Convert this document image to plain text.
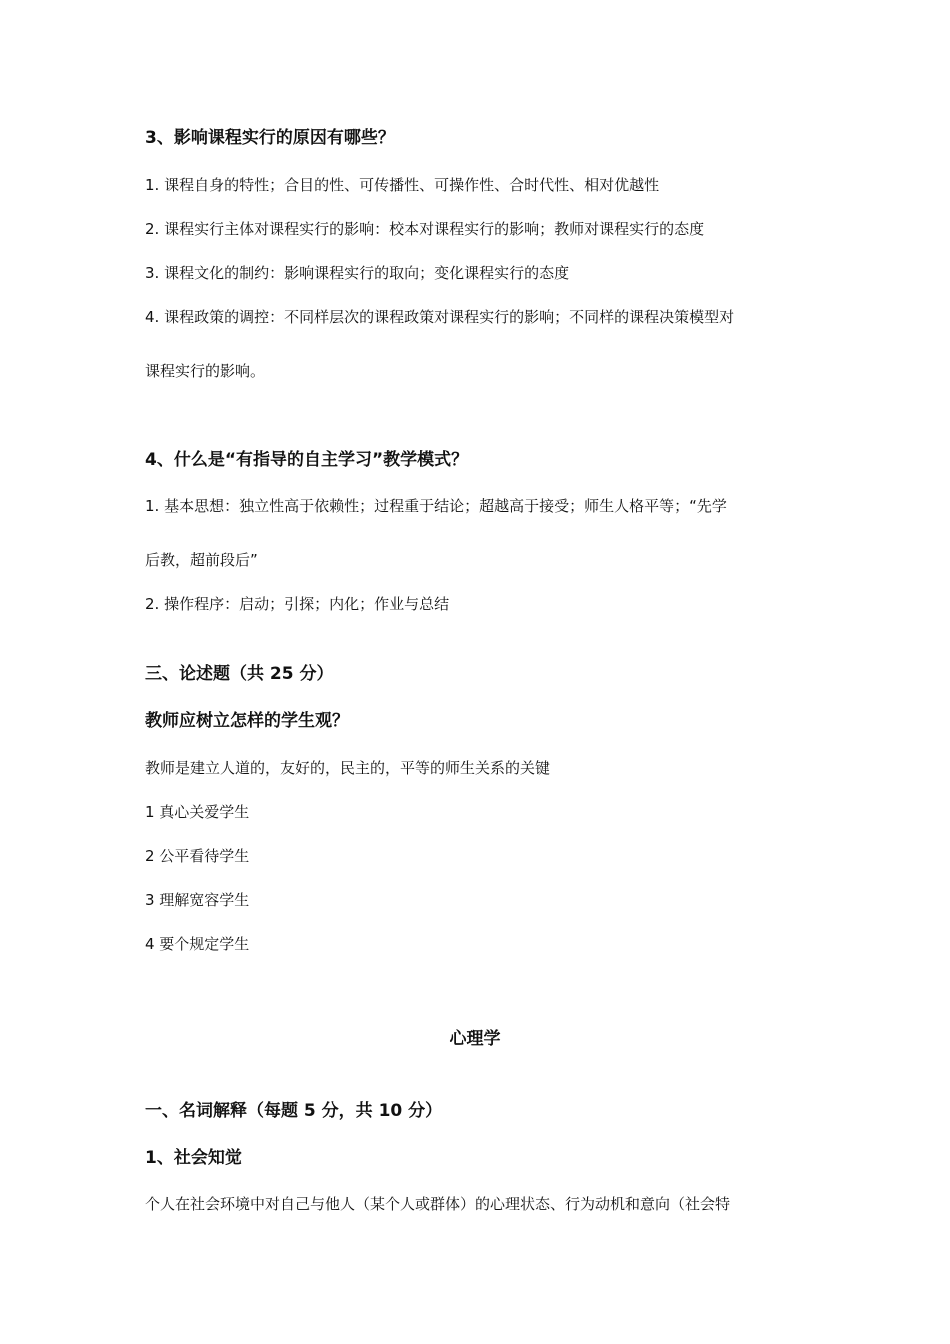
3、影响课程实行的原因有哪些？

1. 课程自身的特性；合目的性、可传播性、可操作性、合时代性、相对优越性

2. 课程实行主体对课程实行的影响：校本对课程实行的影响；教师对课程实行的态度

3. 课程文化的制约：影响课程实行的取向；变化课程实行的态度

4. 课程政策的调控：不同样层次的课程政策对课程实行的影响；不同样的课程决策模型对

课程实行的影响。

4、什么是“有指导的自主学习”教学模式？

1. 基本思想：独立性高于依赖性；过程重于结论；超越高于接受；师生人格平等；“先学

后教，超前段后”

2. 操作程序：启动；引探；内化；作业与总结

三、论述题（共 25 分）

教师应树立怎样的学生观？

教师是建立人道的，友好的，民主的，平等的师生关系的关键

1 真心关爱学生

2 公平看待学生

3 理解宽容学生

4 要个规定学生

心理学

一、名词解释（每题 5 分，共 10 分）

1、社会知觉

个人在社会环境中对自己与他人（某个人或群体）的心理状态、行为动机和意向（社会特
